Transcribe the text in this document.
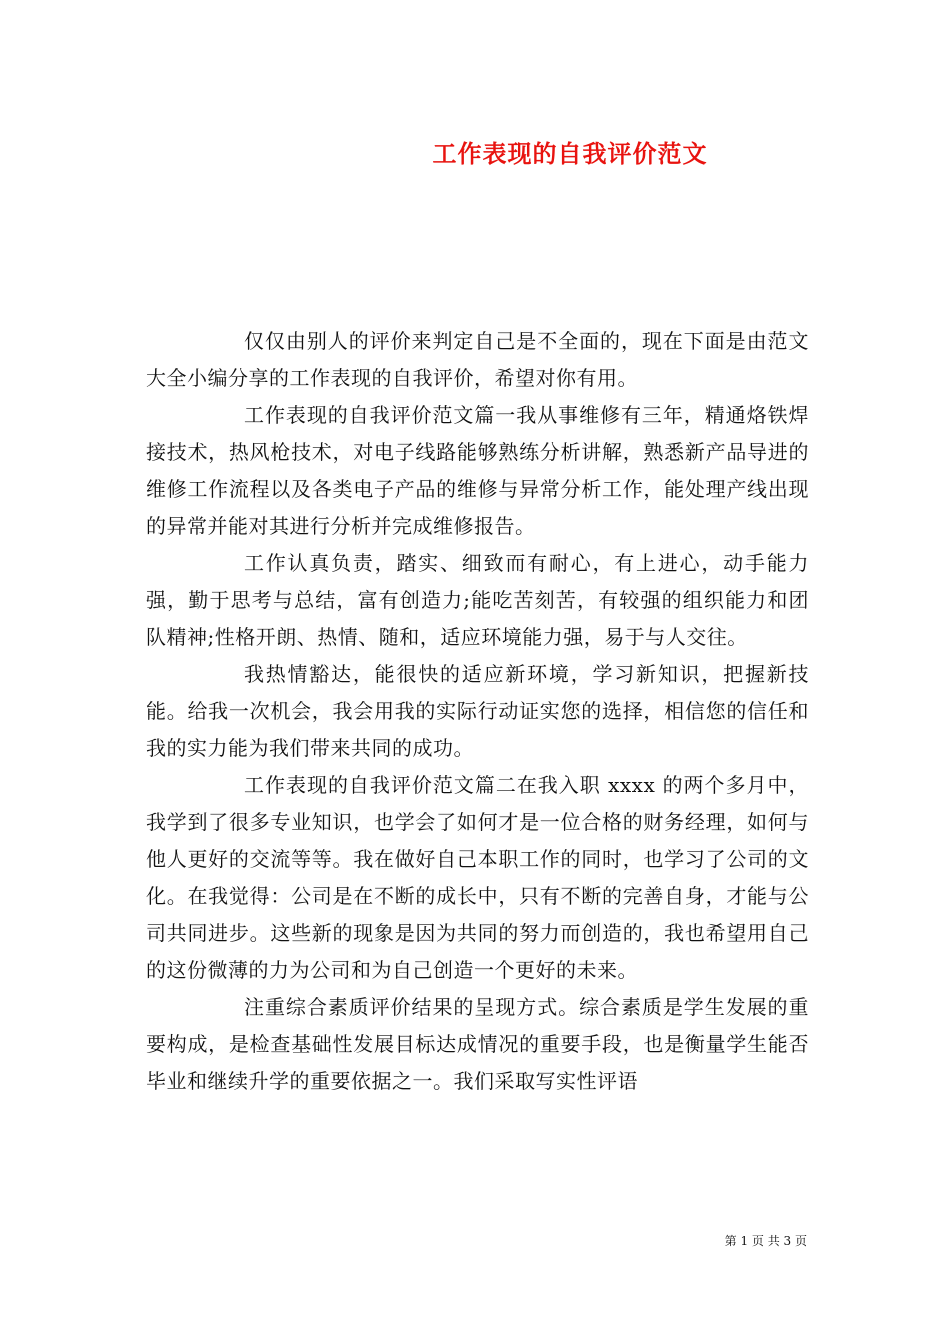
工作表现的自我评价范文

仅仅由别人的评价来判定自己是不全面的，现在下面是由范文大全小编分享的工作表现的自我评价，希望对你有用。

工作表现的自我评价范文篇一我从事维修有三年，精通烙铁焊接技术，热风枪技术，对电子线路能够熟练分析讲解，熟悉新产品导进的维修工作流程以及各类电子产品的维修与异常分析工作，能处理产线出现的异常并能对其进行分析并完成维修报告。

工作认真负责，踏实、细致而有耐心，有上进心，动手能力强，勤于思考与总结，富有创造力;能吃苦刻苦，有较强的组织能力和团队精神;性格开朗、热情、随和，适应环境能力强，易于与人交往。

我热情豁达，能很快的适应新环境，学习新知识，把握新技能。给我一次机会，我会用我的实际行动证实您的选择，相信您的信任和我的实力能为我们带来共同的成功。

工作表现的自我评价范文篇二在我入职 xxxx 的两个多月中，我学到了很多专业知识，也学会了如何才是一位合格的财务经理，如何与他人更好的交流等等。我在做好自己本职工作的同时，也学习了公司的文化。在我觉得：公司是在不断的成长中，只有不断的完善自身，才能与公司共同进步。这些新的现象是因为共同的努力而创造的，我也希望用自己的这份微薄的力为公司和为自己创造一个更好的未来。

注重综合素质评价结果的呈现方式。综合素质是学生发展的重要构成，是检查基础性发展目标达成情况的重要手段，也是衡量学生能否毕业和继续升学的重要依据之一。我们采取写实性评语

第 1 页 共 3 页
